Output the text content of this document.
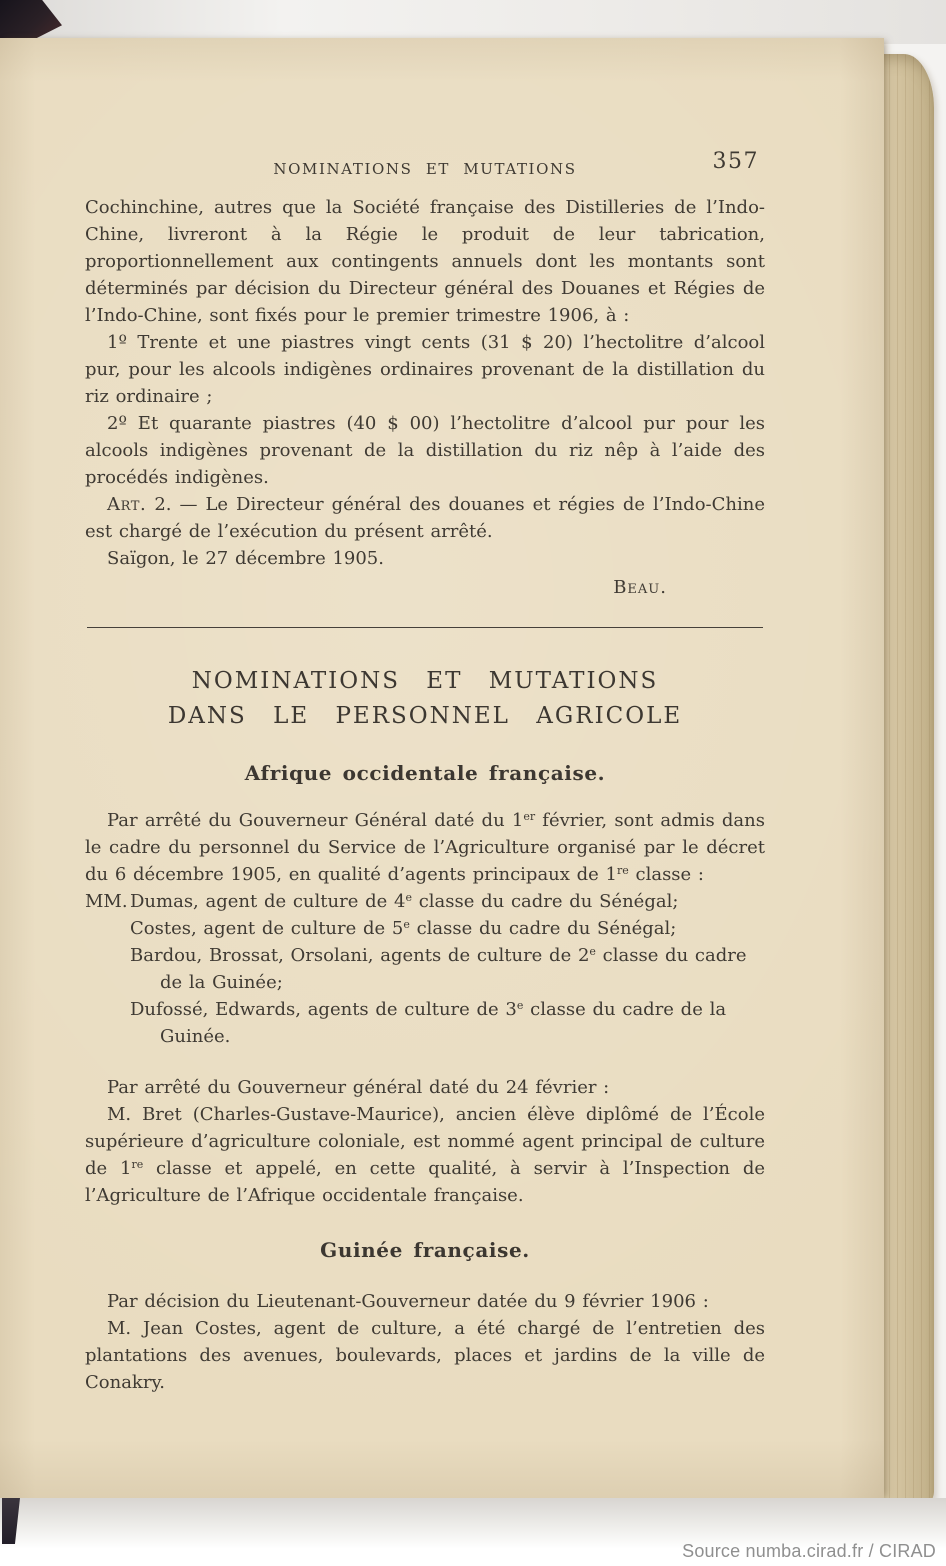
NOMINATIONS ET MUTATIONS	357

Cochinchine, autres que la Société française des Distilleries de l’Indo-Chine, livreront à la Régie le produit de leur tabrication, proportionnellement aux contingents annuels dont les montants sont déterminés par décision du Directeur général des Douanes et Régies de l’Indo-Chine, sont fixés pour le premier trimestre 1906, à :

1º Trente et une piastres vingt cents (31 $ 20) l’hectolitre d’alcool pur, pour les alcools indigènes ordinaires provenant de la distillation du riz ordinaire ;

2º Et quarante piastres (40 $ 00) l’hectolitre d’alcool pur pour les alcools indigènes provenant de la distillation du riz nêp à l’aide des procédés indigènes.

Art. 2. — Le Directeur général des douanes et régies de l’Indo-Chine est chargé de l’exécution du présent arrêté.

Saïgon, le 27 décembre 1905.

Beau.

NOMINATIONS ET MUTATIONS
DANS LE PERSONNEL AGRICOLE
Afrique occidentale française.

Par arrêté du Gouverneur Général daté du 1er février, sont admis dans le cadre du personnel du Service de l’Agriculture organisé par le décret du 6 décembre 1905, en qualité d’agents principaux de 1re classe :

MM. Dumas, agent de culture de 4e classe du cadre du Sénégal;
Costes, agent de culture de 5e classe du cadre du Sénégal;
Bardou, Brossat, Orsolani, agents de culture de 2e classe du cadre de la Guinée;
Dufossé, Edwards, agents de culture de 3e classe du cadre de la Guinée.

Par arrêté du Gouverneur général daté du 24 février :

M. Bret (Charles-Gustave-Maurice), ancien élève diplômé de l’École supérieure d’agriculture coloniale, est nommé agent principal de culture de 1re classe et appelé, en cette qualité, à servir à l’Inspection de l’Agriculture de l’Afrique occidentale française.

Guinée française.

Par décision du Lieutenant-Gouverneur datée du 9 février 1906 :

M. Jean Costes, agent de culture, a été chargé de l’entretien des plantations des avenues, boulevards, places et jardins de la ville de Conakry.

Source numba.cirad.fr / CIRAD
